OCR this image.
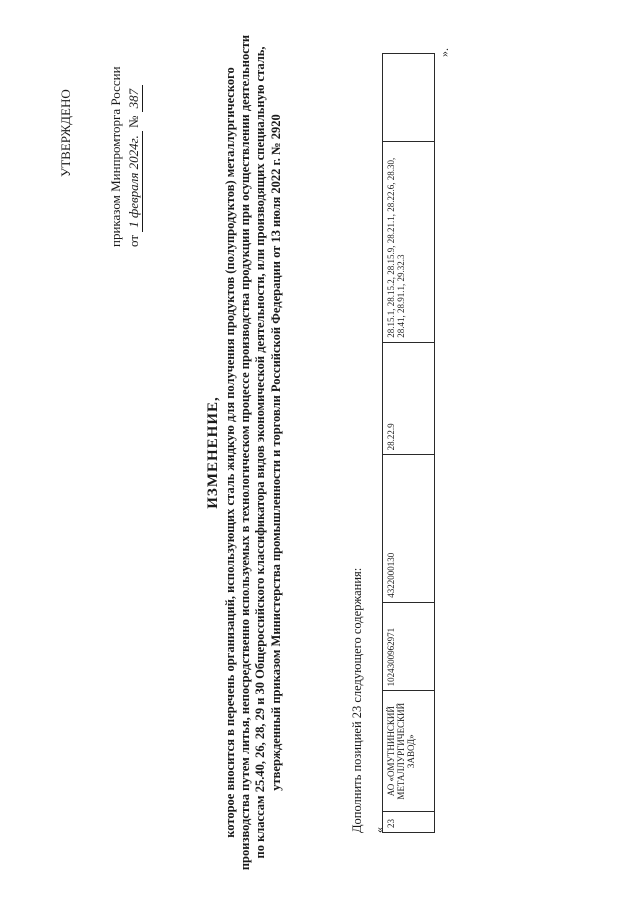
УТВЕРЖДЕНО	приказом Минпромторга России от 1 февраля 2024г. № 387
ИЗМЕНЕНИЕ, которое вносится в перечень организаций, использующих сталь жидкую для получения продуктов (полупродуктов) металлургического производства путем литья, непосредственно используемых в технологическом процессе производства продукции при осуществлении деятельности по классам 25.40, 26, 28, 29 и 30 Общероссийского классификатора видов экономической деятельности, или производящих специальную сталь, утвержденный приказом Министерства промышленности и торговли Российской Федерации от 13 июля 2022 г. № 2920	Дополнить позицией 23 следующего содержания: «
23	АО «ОМУТНИНСКИЙ МЕТАЛЛУРГИЧЕСКИЙ ЗАВОД»	1024300962971	4322000130	28.22.9	28.15.1, 28.15.2, 28.15.9, 28.21.1, 28.22.6, 28.30, 28.41, 28.91.1, 29.32.3	
».
